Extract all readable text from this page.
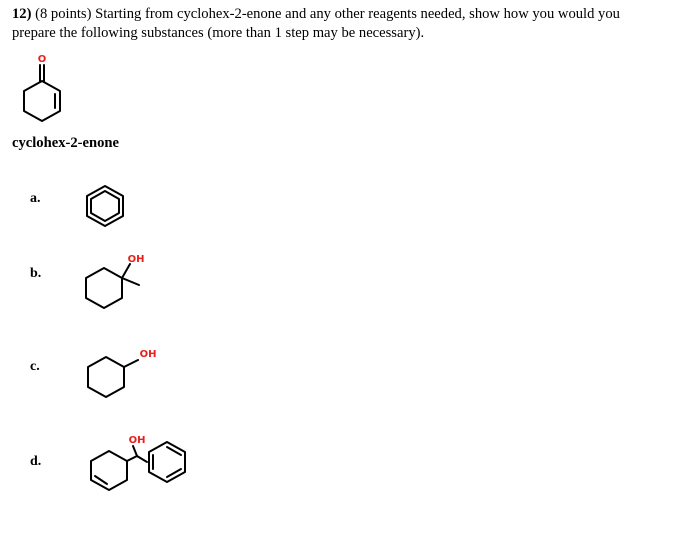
12) (8 points) Starting from cyclohex-2-enone and any other reagents needed, show how you would you
prepare the following substances (more than 1 step may be necessary).
O
cyclohex-2-enone
a.
b.
OH
c.
OH
d.
OH
